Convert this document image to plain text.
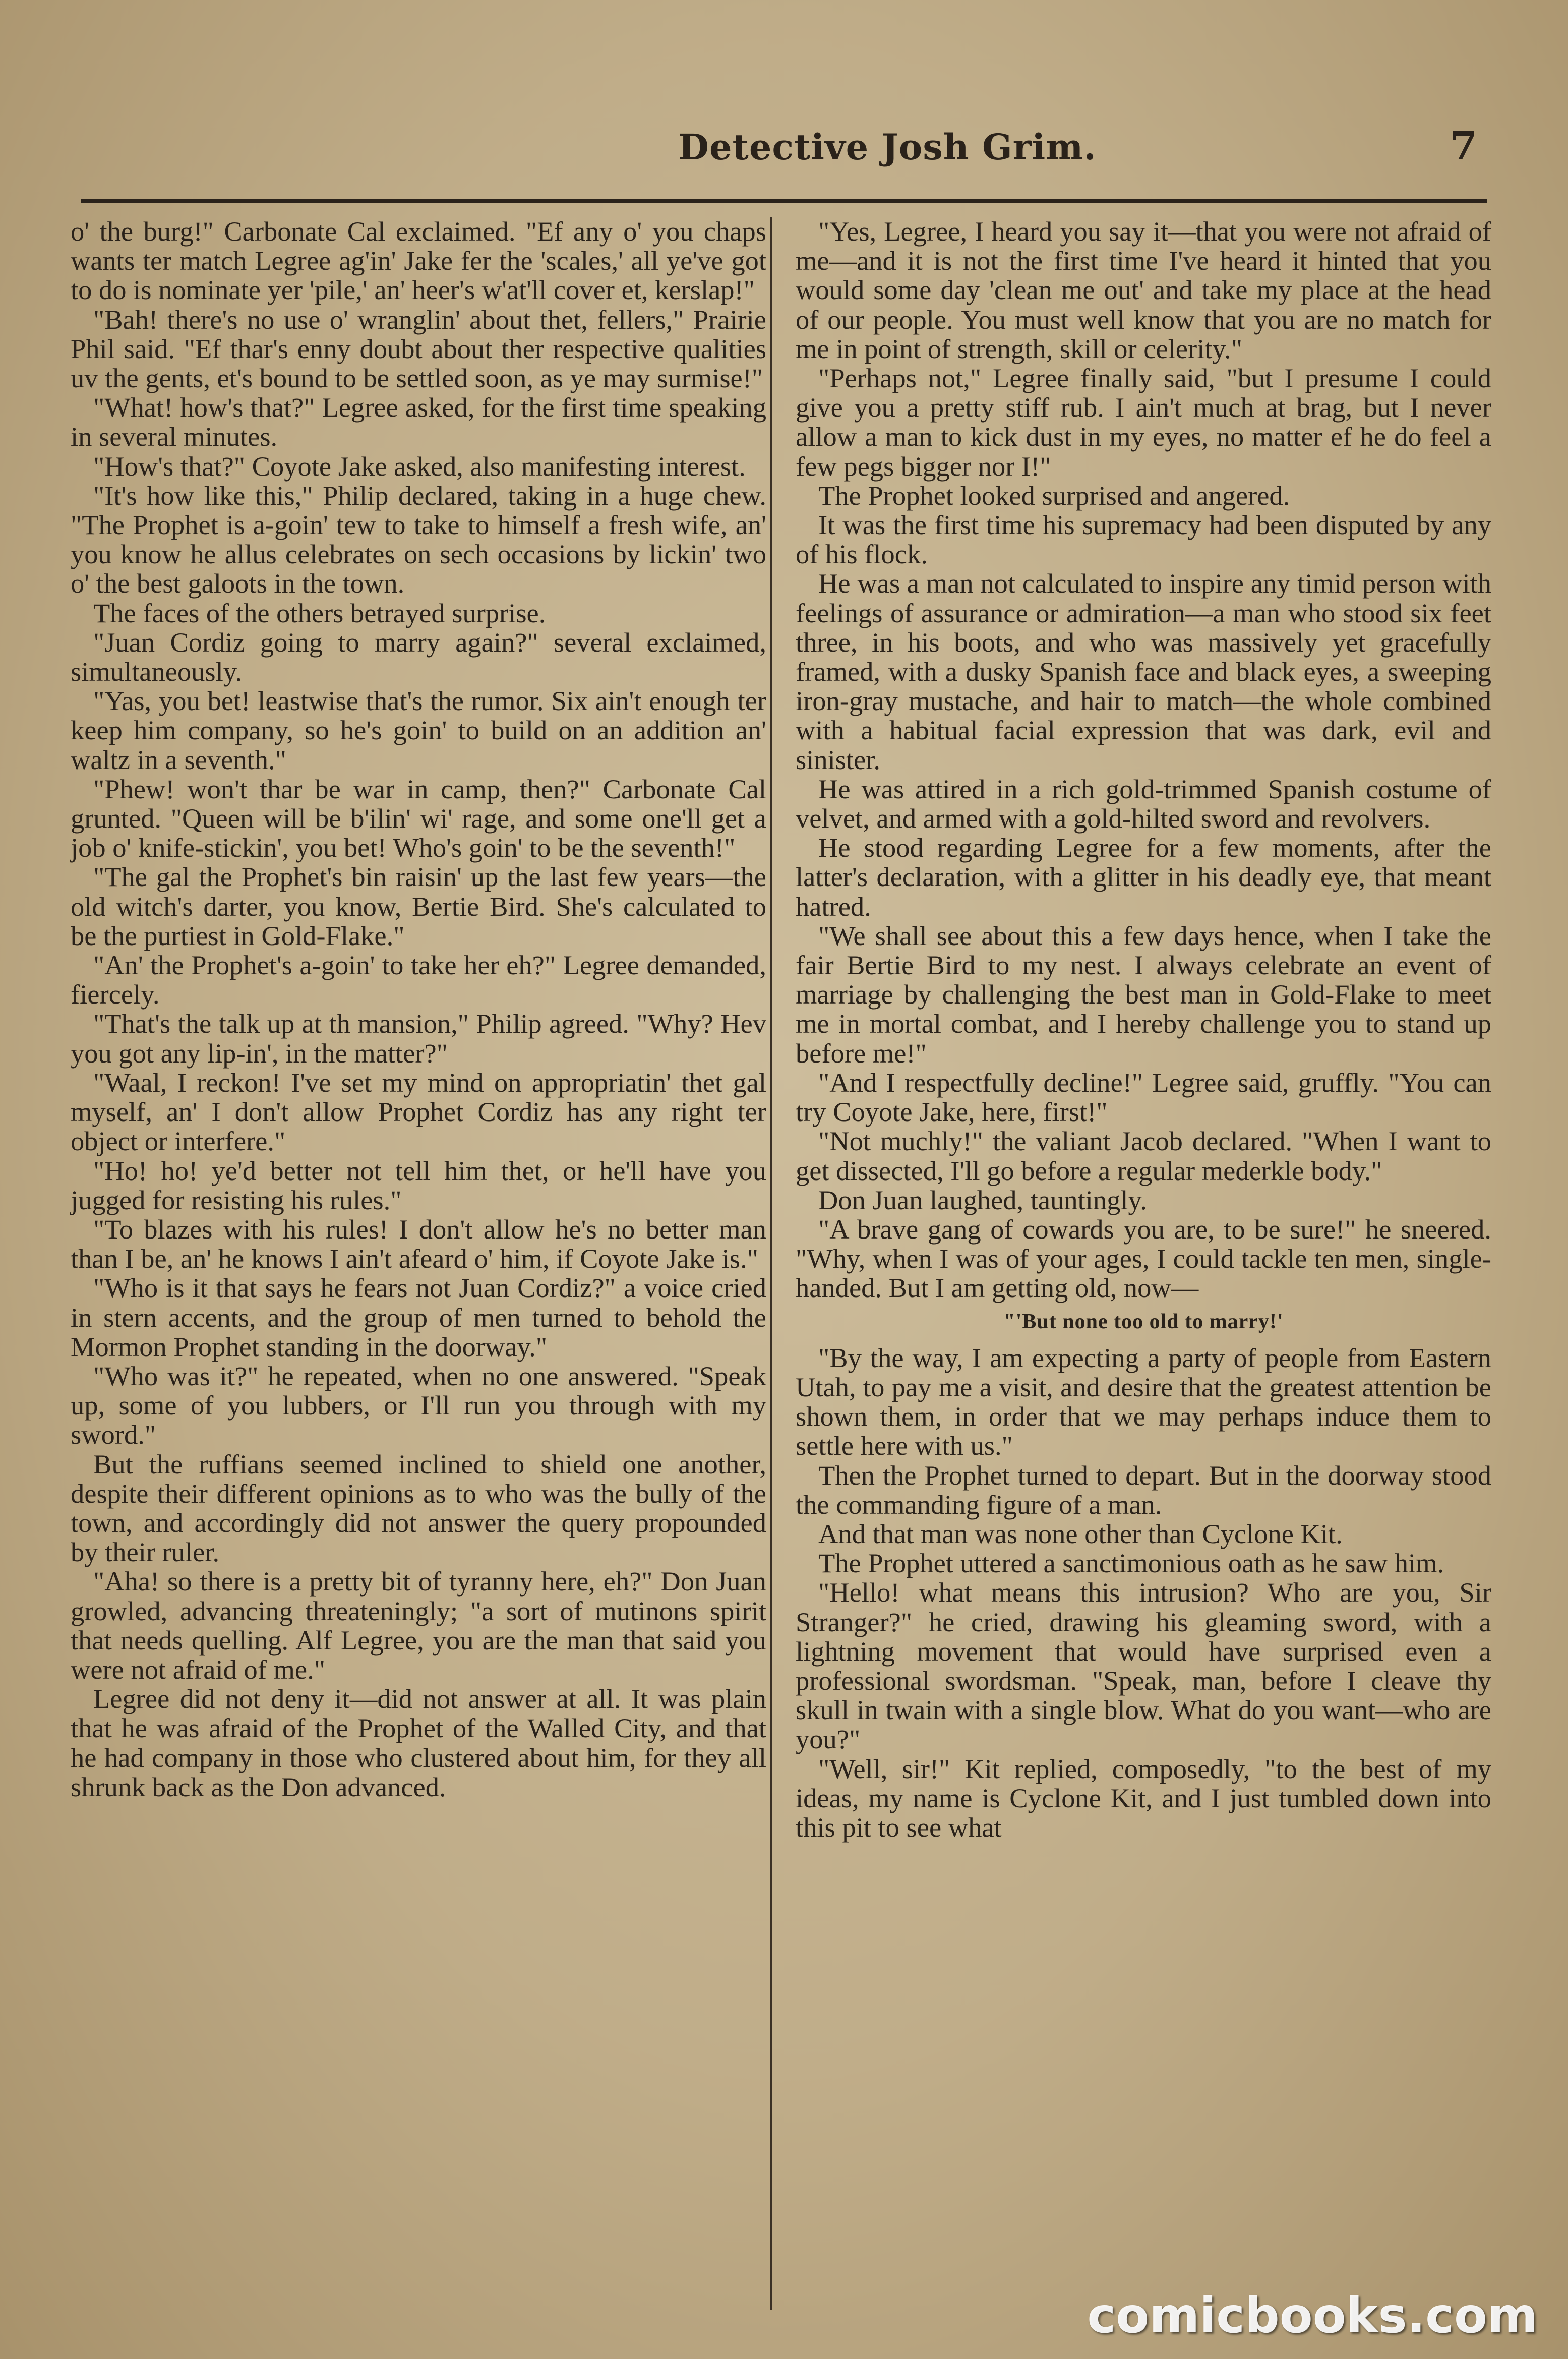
Detective Josh Grim.	7

o' the burg!" Carbonate Cal exclaimed. "Ef any o' you chaps wants ter match Legree ag'in' Jake fer the 'scales,' all ye've got to do is nominate yer 'pile,' an' heer's w'at'll cover et, kerslap!"

"Bah! there's no use o' wranglin' about thet, fellers," Prairie Phil said. "Ef thar's enny doubt about ther respective qualities uv the gents, et's bound to be settled soon, as ye may surmise!"

"What! how's that?" Legree asked, for the first time speaking in several minutes.

"How's that?" Coyote Jake asked, also manifesting interest.

"It's how like this," Philip declared, taking in a huge chew. "The Prophet is a-goin' tew to take to himself a fresh wife, an' you know he allus celebrates on sech occasions by lickin' two o' the best galoots in the town.

The faces of the others betrayed surprise.

"Juan Cordiz going to marry again?" several exclaimed, simultaneously.

"Yas, you bet! leastwise that's the rumor. Six ain't enough ter keep him company, so he's goin' to build on an addition an' waltz in a seventh."

"Phew! won't thar be war in camp, then?" Carbonate Cal grunted. "Queen will be b'ilin' wi' rage, and some one'll get a job o' knife-stickin', you bet! Who's goin' to be the seventh!"

"The gal the Prophet's bin raisin' up the last few years—the old witch's darter, you know, Bertie Bird. She's calculated to be the purtiest in Gold-Flake."

"An' the Prophet's a-goin' to take her eh?" Legree demanded, fiercely.

"That's the talk up at th mansion," Philip agreed. "Why? Hev you got any lip-in', in the matter?"

"Waal, I reckon! I've set my mind on appropriatin' thet gal myself, an' I don't allow Prophet Cordiz has any right ter object or interfere."

"Ho! ho! ye'd better not tell him thet, or he'll have you jugged for resisting his rules."

"To blazes with his rules! I don't allow he's no better man than I be, an' he knows I ain't afeard o' him, if Coyote Jake is."

"Who is it that says he fears not Juan Cordiz?" a voice cried in stern accents, and the group of men turned to behold the Mormon Prophet standing in the doorway."

"Who was it?" he repeated, when no one answered. "Speak up, some of you lubbers, or I'll run you through with my sword."

But the ruffians seemed inclined to shield one another, despite their different opinions as to who was the bully of the town, and accordingly did not answer the query propounded by their ruler.

"Aha! so there is a pretty bit of tyranny here, eh?" Don Juan growled, advancing threateningly; "a sort of mutinons spirit that needs quelling. Alf Legree, you are the man that said you were not afraid of me."

Legree did not deny it—did not answer at all. It was plain that he was afraid of the Prophet of the Walled City, and that he had company in those who clustered about him, for they all shrunk back as the Don advanced.

"Yes, Legree, I heard you say it—that you were not afraid of me—and it is not the first time I've heard it hinted that you would some day 'clean me out' and take my place at the head of our people. You must well know that you are no match for me in point of strength, skill or celerity."

"Perhaps not," Legree finally said, "but I presume I could give you a pretty stiff rub. I ain't much at brag, but I never allow a man to kick dust in my eyes, no matter ef he do feel a few pegs bigger nor I!"

The Prophet looked surprised and angered.

It was the first time his supremacy had been disputed by any of his flock.

He was a man not calculated to inspire any timid person with feelings of assurance or admiration—a man who stood six feet three, in his boots, and who was massively yet gracefully framed, with a dusky Spanish face and black eyes, a sweeping iron-gray mustache, and hair to match—the whole combined with a habitual facial expression that was dark, evil and sinister.

He was attired in a rich gold-trimmed Spanish costume of velvet, and armed with a gold-hilted sword and revolvers.

He stood regarding Legree for a few moments, after the latter's declaration, with a glitter in his deadly eye, that meant hatred.

"We shall see about this a few days hence, when I take the fair Bertie Bird to my nest. I always celebrate an event of marriage by challenging the best man in Gold-Flake to meet me in mortal combat, and I hereby challenge you to stand up before me!"

"And I respectfully decline!" Legree said, gruffly. "You can try Coyote Jake, here, first!"

"Not muchly!" the valiant Jacob declared. "When I want to get dissected, I'll go before a regular mederkle body."

Don Juan laughed, tauntingly.

"A brave gang of cowards you are, to be sure!" he sneered. "Why, when I was of your ages, I could tackle ten men, single-handed. But I am getting old, now—

"'But none too old to marry!'

"By the way, I am expecting a party of people from Eastern Utah, to pay me a visit, and desire that the greatest attention be shown them, in order that we may perhaps induce them to settle here with us."

Then the Prophet turned to depart. But in the doorway stood the commanding figure of a man.

And that man was none other than Cyclone Kit.

The Prophet uttered a sanctimonious oath as he saw him.

"Hello! what means this intrusion? Who are you, Sir Stranger?" he cried, drawing his gleaming sword, with a lightning movement that would have surprised even a professional swordsman. "Speak, man, before I cleave thy skull in twain with a single blow. What do you want—who are you?"

"Well, sir!" Kit replied, composedly, "to the best of my ideas, my name is Cyclone Kit, and I just tumbled down into this pit to see what

comicbooks.com
